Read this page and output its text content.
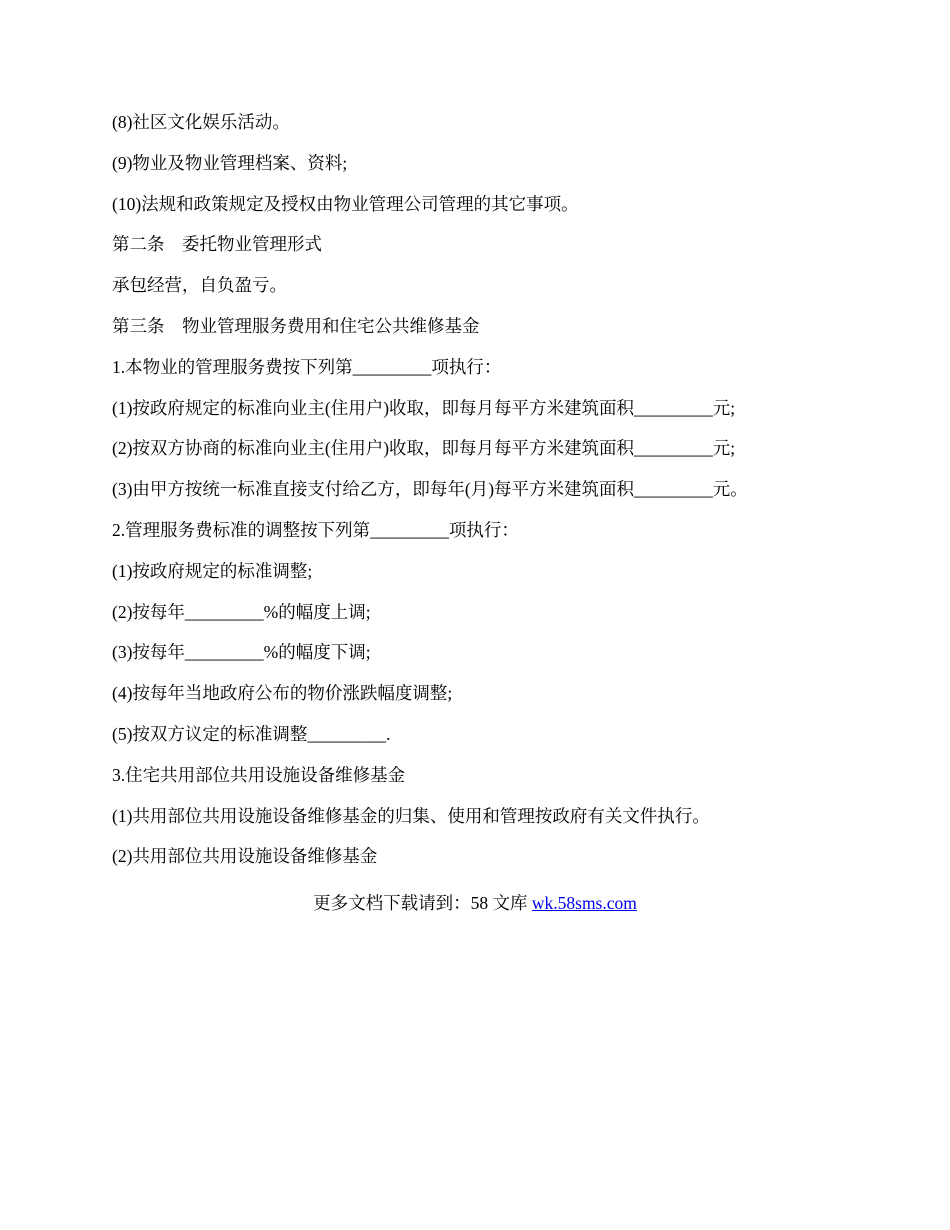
(8)社区文化娱乐活动。

(9)物业及物业管理档案、资料;

(10)法规和政策规定及授权由物业管理公司管理的其它事项。

第二条　委托物业管理形式

承包经营，自负盈亏。

第三条　物业管理服务费用和住宅公共维修基金

1.本物业的管理服务费按下列第_________项执行：

(1)按政府规定的标准向业主(住用户)收取，即每月每平方米建筑面积_________元;

(2)按双方协商的标准向业主(住用户)收取，即每月每平方米建筑面积_________元;

(3)由甲方按统一标准直接支付给乙方，即每年(月)每平方米建筑面积_________元。

2.管理服务费标准的调整按下列第_________项执行：

(1)按政府规定的标准调整;

(2)按每年_________%的幅度上调;

(3)按每年_________%的幅度下调;

(4)按每年当地政府公布的物价涨跌幅度调整;

(5)按双方议定的标准调整_________.

3.住宅共用部位共用设施设备维修基金

(1)共用部位共用设施设备维修基金的归集、使用和管理按政府有关文件执行。

(2)共用部位共用设施设备维修基金

更多文档下载请到：58 文库 wk.58sms.com
